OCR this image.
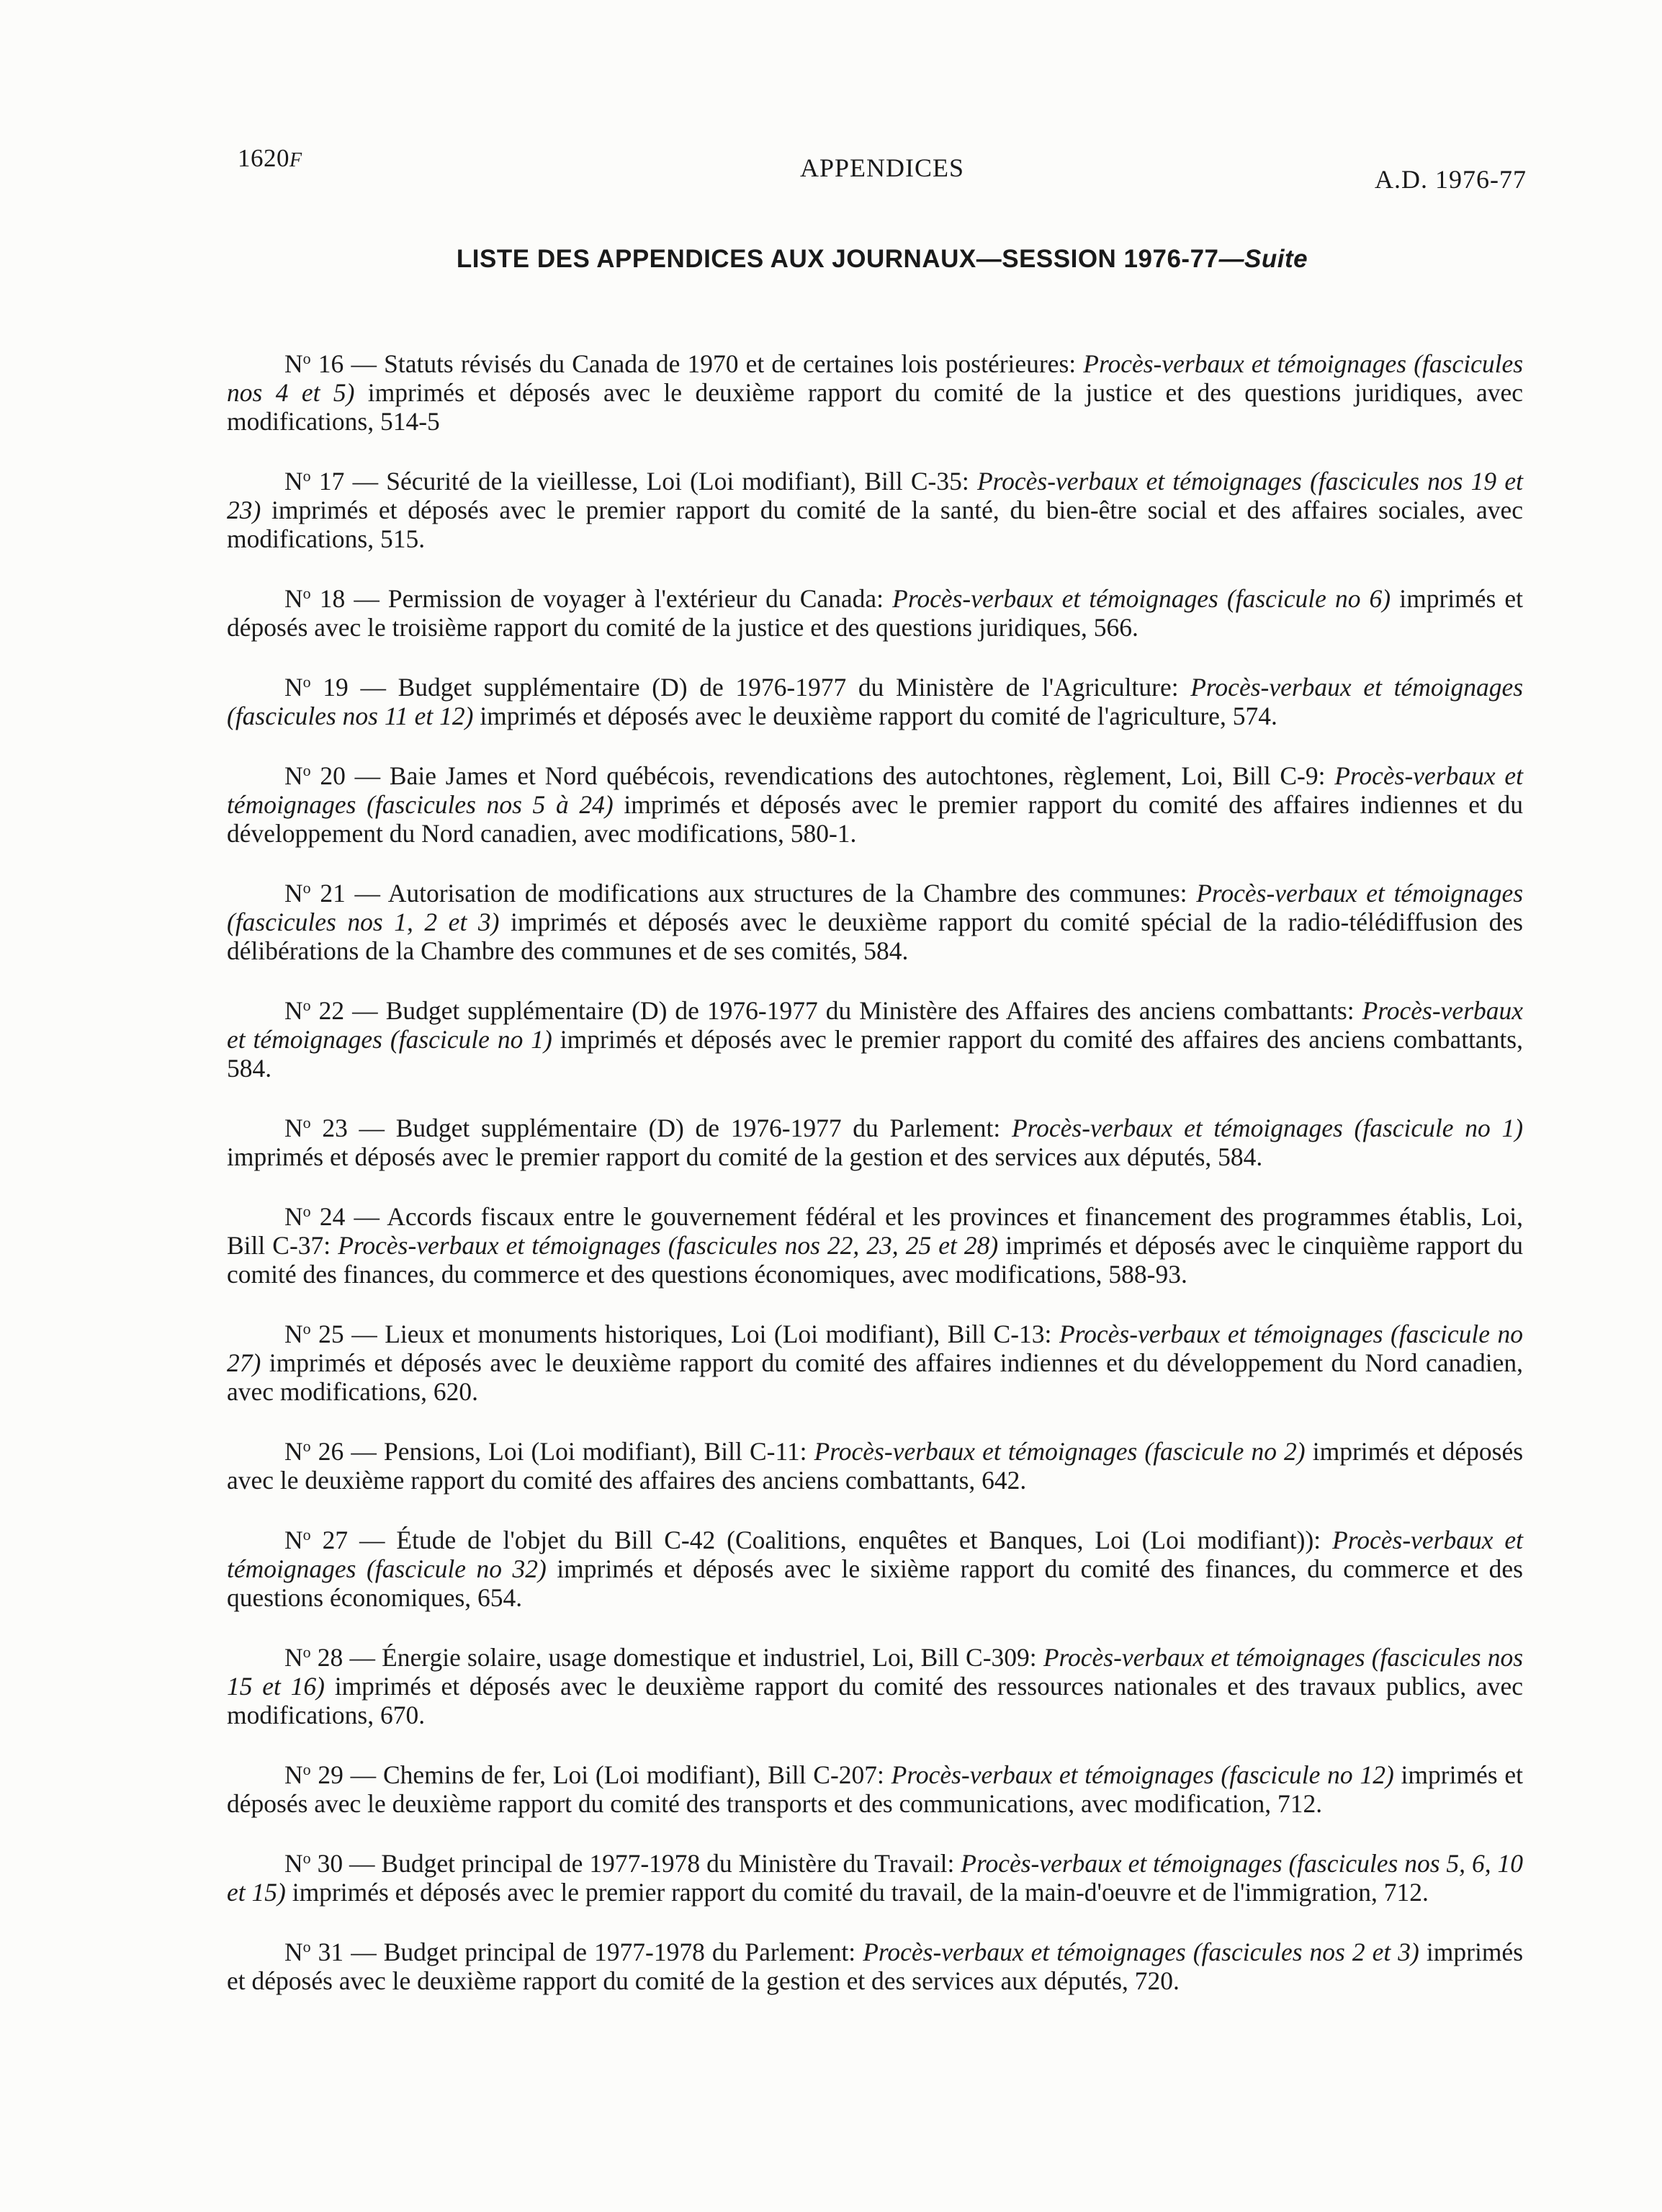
1620F	APPENDICES	A.D. 1976-77
LISTE DES APPENDICES AUX JOURNAUX—SESSION 1976-77—Suite

$N^o$ 16 — Statuts révisés du Canada de 1970 et de certaines lois postérieures: Procès-verbaux et témoignages (fascicules nos 4 et 5) imprimés et déposés avec le deuxième rapport du comité de la justice et des questions juridiques, avec modifications, 514-5

$N^o$ 17 — Sécurité de la vieillesse, Loi (Loi modifiant), Bill C-35: Procès-verbaux et témoignages (fascicules nos 19 et 23) imprimés et déposés avec le premier rapport du comité de la santé, du bien-être social et des affaires sociales, avec modifications, 515.

$N^o$ 18 — Permission de voyager à l'extérieur du Canada: Procès-verbaux et témoignages (fascicule no 6) imprimés et déposés avec le troisième rapport du comité de la justice et des questions juridiques, 566.

$N^o$ 19 — Budget supplémentaire (D) de 1976-1977 du Ministère de l'Agriculture: Procès-verbaux et témoignages (fascicules nos 11 et 12) imprimés et déposés avec le deuxième rapport du comité de l'agriculture, 574.

$N^o$ 20 — Baie James et Nord québécois, revendications des autochtones, règlement, Loi, Bill C-9: Procès-verbaux et témoignages (fascicules nos 5 à 24) imprimés et déposés avec le premier rapport du comité des affaires indiennes et du développement du Nord canadien, avec modifications, 580-1.

$N^o$ 21 — Autorisation de modifications aux structures de la Chambre des communes: Procès-verbaux et témoignages (fascicules nos 1, 2 et 3) imprimés et déposés avec le deuxième rapport du comité spécial de la radio-télédiffusion des délibérations de la Chambre des communes et de ses comités, 584.

$N^o$ 22 — Budget supplémentaire (D) de 1976-1977 du Ministère des Affaires des anciens combattants: Procès-verbaux et témoignages (fascicule no 1) imprimés et déposés avec le premier rapport du comité des affaires des anciens combattants, 584.

$N^o$ 23 — Budget supplémentaire (D) de 1976-1977 du Parlement: Procès-verbaux et témoignages (fascicule no 1) imprimés et déposés avec le premier rapport du comité de la gestion et des services aux députés, 584.

$N^o$ 24 — Accords fiscaux entre le gouvernement fédéral et les provinces et financement des programmes établis, Loi, Bill C-37: Procès-verbaux et témoignages (fascicules nos 22, 23, 25 et 28) imprimés et déposés avec le cinquième rapport du comité des finances, du commerce et des questions économiques, avec modifications, 588-93.

$N^o$ 25 — Lieux et monuments historiques, Loi (Loi modifiant), Bill C-13: Procès-verbaux et témoignages (fascicule no 27) imprimés et déposés avec le deuxième rapport du comité des affaires indiennes et du développement du Nord canadien, avec modifications, 620.

$N^o$ 26 — Pensions, Loi (Loi modifiant), Bill C-11: Procès-verbaux et témoignages (fascicule no 2) imprimés et déposés avec le deuxième rapport du comité des affaires des anciens combattants, 642.

$N^o$ 27 — Étude de l'objet du Bill C-42 (Coalitions, enquêtes et Banques, Loi (Loi modifiant)): Procès-verbaux et témoignages (fascicule no 32) imprimés et déposés avec le sixième rapport du comité des finances, du commerce et des questions économiques, 654.

$N^o$ 28 — Énergie solaire, usage domestique et industriel, Loi, Bill C-309: Procès-verbaux et témoignages (fascicules nos 15 et 16) imprimés et déposés avec le deuxième rapport du comité des ressources nationales et des travaux publics, avec modifications, 670.

$N^o$ 29 — Chemins de fer, Loi (Loi modifiant), Bill C-207: Procès-verbaux et témoignages (fascicule no 12) imprimés et déposés avec le deuxième rapport du comité des transports et des communications, avec modification, 712.

$N^o$ 30 — Budget principal de 1977-1978 du Ministère du Travail: Procès-verbaux et témoignages (fascicules nos 5, 6, 10 et 15) imprimés et déposés avec le premier rapport du comité du travail, de la main-d'oeuvre et de l'immigration, 712.

$N^o$ 31 — Budget principal de 1977-1978 du Parlement: Procès-verbaux et témoignages (fascicules nos 2 et 3) imprimés et déposés avec le deuxième rapport du comité de la gestion et des services aux députés, 720.
